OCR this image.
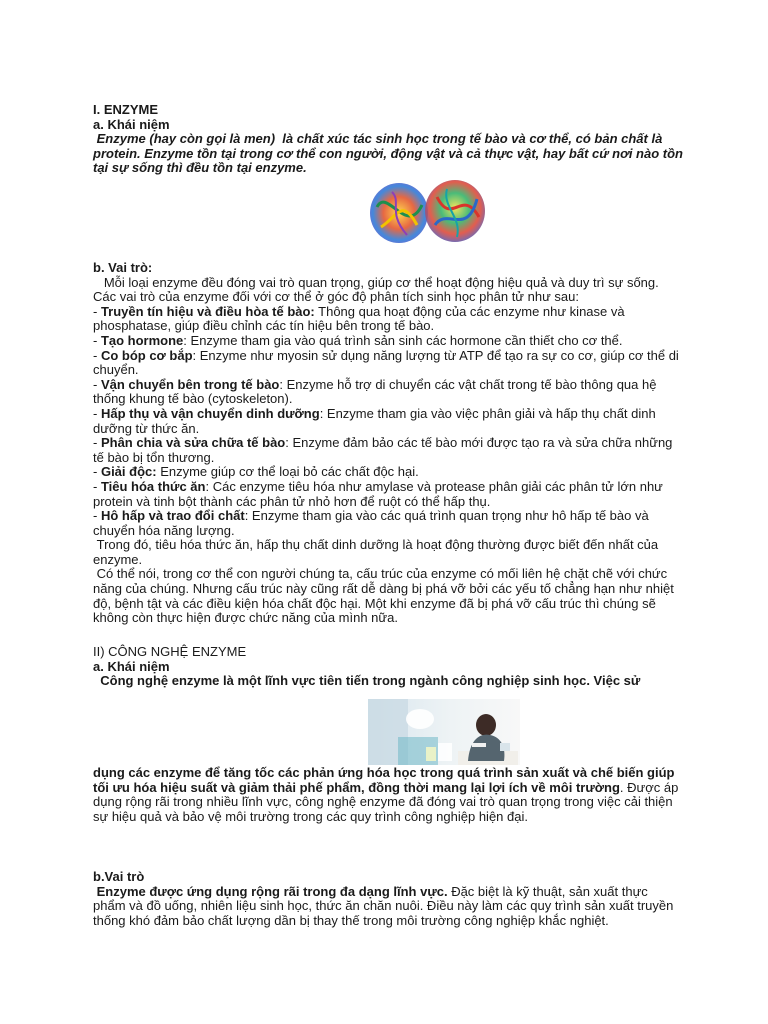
I. ENZYME

a. Khái niệm

Enzyme (hay còn gọi là men)  là chất xúc tác sinh học trong tế bào và cơ thể, có bản chất là protein. Enzyme tồn tại trong cơ thể con người, động vật và cả thực vật, hay bất cứ nơi nào tồn tại sự sống thì đều tồn tại enzyme.

b. Vai trò:

Mỗi loại enzyme đều đóng vai trò quan trọng, giúp cơ thể hoạt động hiệu quả và duy trì sự sống. Các vai trò của enzyme đối với cơ thể ở góc độ phân tích sinh học phân tử như sau:

- Truyền tín hiệu và điều hòa tế bào: Thông qua hoạt động của các enzyme như kinase và phosphatase, giúp điều chỉnh các tín hiệu bên trong tế bào.

- Tạo hormone: Enzyme tham gia vào quá trình sản sinh các hormone cần thiết cho cơ thể.

- Co bóp cơ bắp: Enzyme như myosin sử dụng năng lượng từ ATP để tạo ra sự co cơ, giúp cơ thể di chuyển.

- Vận chuyển bên trong tế bào: Enzyme hỗ trợ di chuyển các vật chất trong tế bào thông qua hệ thống khung tế bào (cytoskeleton).

- Hấp thụ và vận chuyển dinh dưỡng: Enzyme tham gia vào việc phân giải và hấp thụ chất dinh dưỡng từ thức ăn.

- Phân chia và sửa chữa tế bào: Enzyme đảm bảo các tế bào mới được tạo ra và sửa chữa những tế bào bị tổn thương.

- Giải độc: Enzyme giúp cơ thể loại bỏ các chất độc hại.

- Tiêu hóa thức ăn: Các enzyme tiêu hóa như amylase và protease phân giải các phân tử lớn như protein và tinh bột thành các phân tử nhỏ hơn để ruột có thể hấp thụ.

- Hô hấp và trao đổi chất: Enzyme tham gia vào các quá trình quan trọng như hô hấp tế bào và chuyển hóa năng lượng.

Trong đó, tiêu hóa thức ăn, hấp thụ chất dinh dưỡng là hoạt động thường được biết đến nhất của enzyme.

Có thể nói, trong cơ thể con người chúng ta, cấu trúc của enzyme có mối liên hệ chặt chẽ với chức năng của chúng. Nhưng cấu trúc này cũng rất dễ dàng bị phá vỡ bởi các yếu tố chẳng hạn như nhiệt độ, bệnh tật và các điều kiện hóa chất độc hại. Một khi enzyme đã bị phá vỡ cấu trúc thì chúng sẽ không còn thực hiện được chức năng của mình nữa.

II) CÔNG NGHỆ ENZYME

a. Khái niệm

Công nghệ enzyme là một lĩnh vực tiên tiến trong ngành công nghiệp sinh học. Việc sử

dụng các enzyme để tăng tốc các phản ứng hóa học trong quá trình sản xuất và chế biến giúp tối ưu hóa hiệu suất và giảm thải phế phẩm, đồng thời mang lại lợi ích về môi trường. Được áp dụng rộng rãi trong nhiều lĩnh vực, công nghệ enzyme đã đóng vai trò quan trọng trong việc cải thiện sự hiệu quả và bảo vệ môi trường trong các quy trình công nghiệp hiện đại.

b.Vai trò

Enzyme được ứng dụng rộng rãi trong đa dạng lĩnh vực. Đặc biệt là kỹ thuật, sản xuất thực phẩm và đồ uống, nhiên liệu sinh học, thức ăn chăn nuôi. Điều này làm các quy trình sản xuất truyền thống khó đảm bảo chất lượng dần bị thay thế trong môi trường công nghiệp khắc nghiệt.
